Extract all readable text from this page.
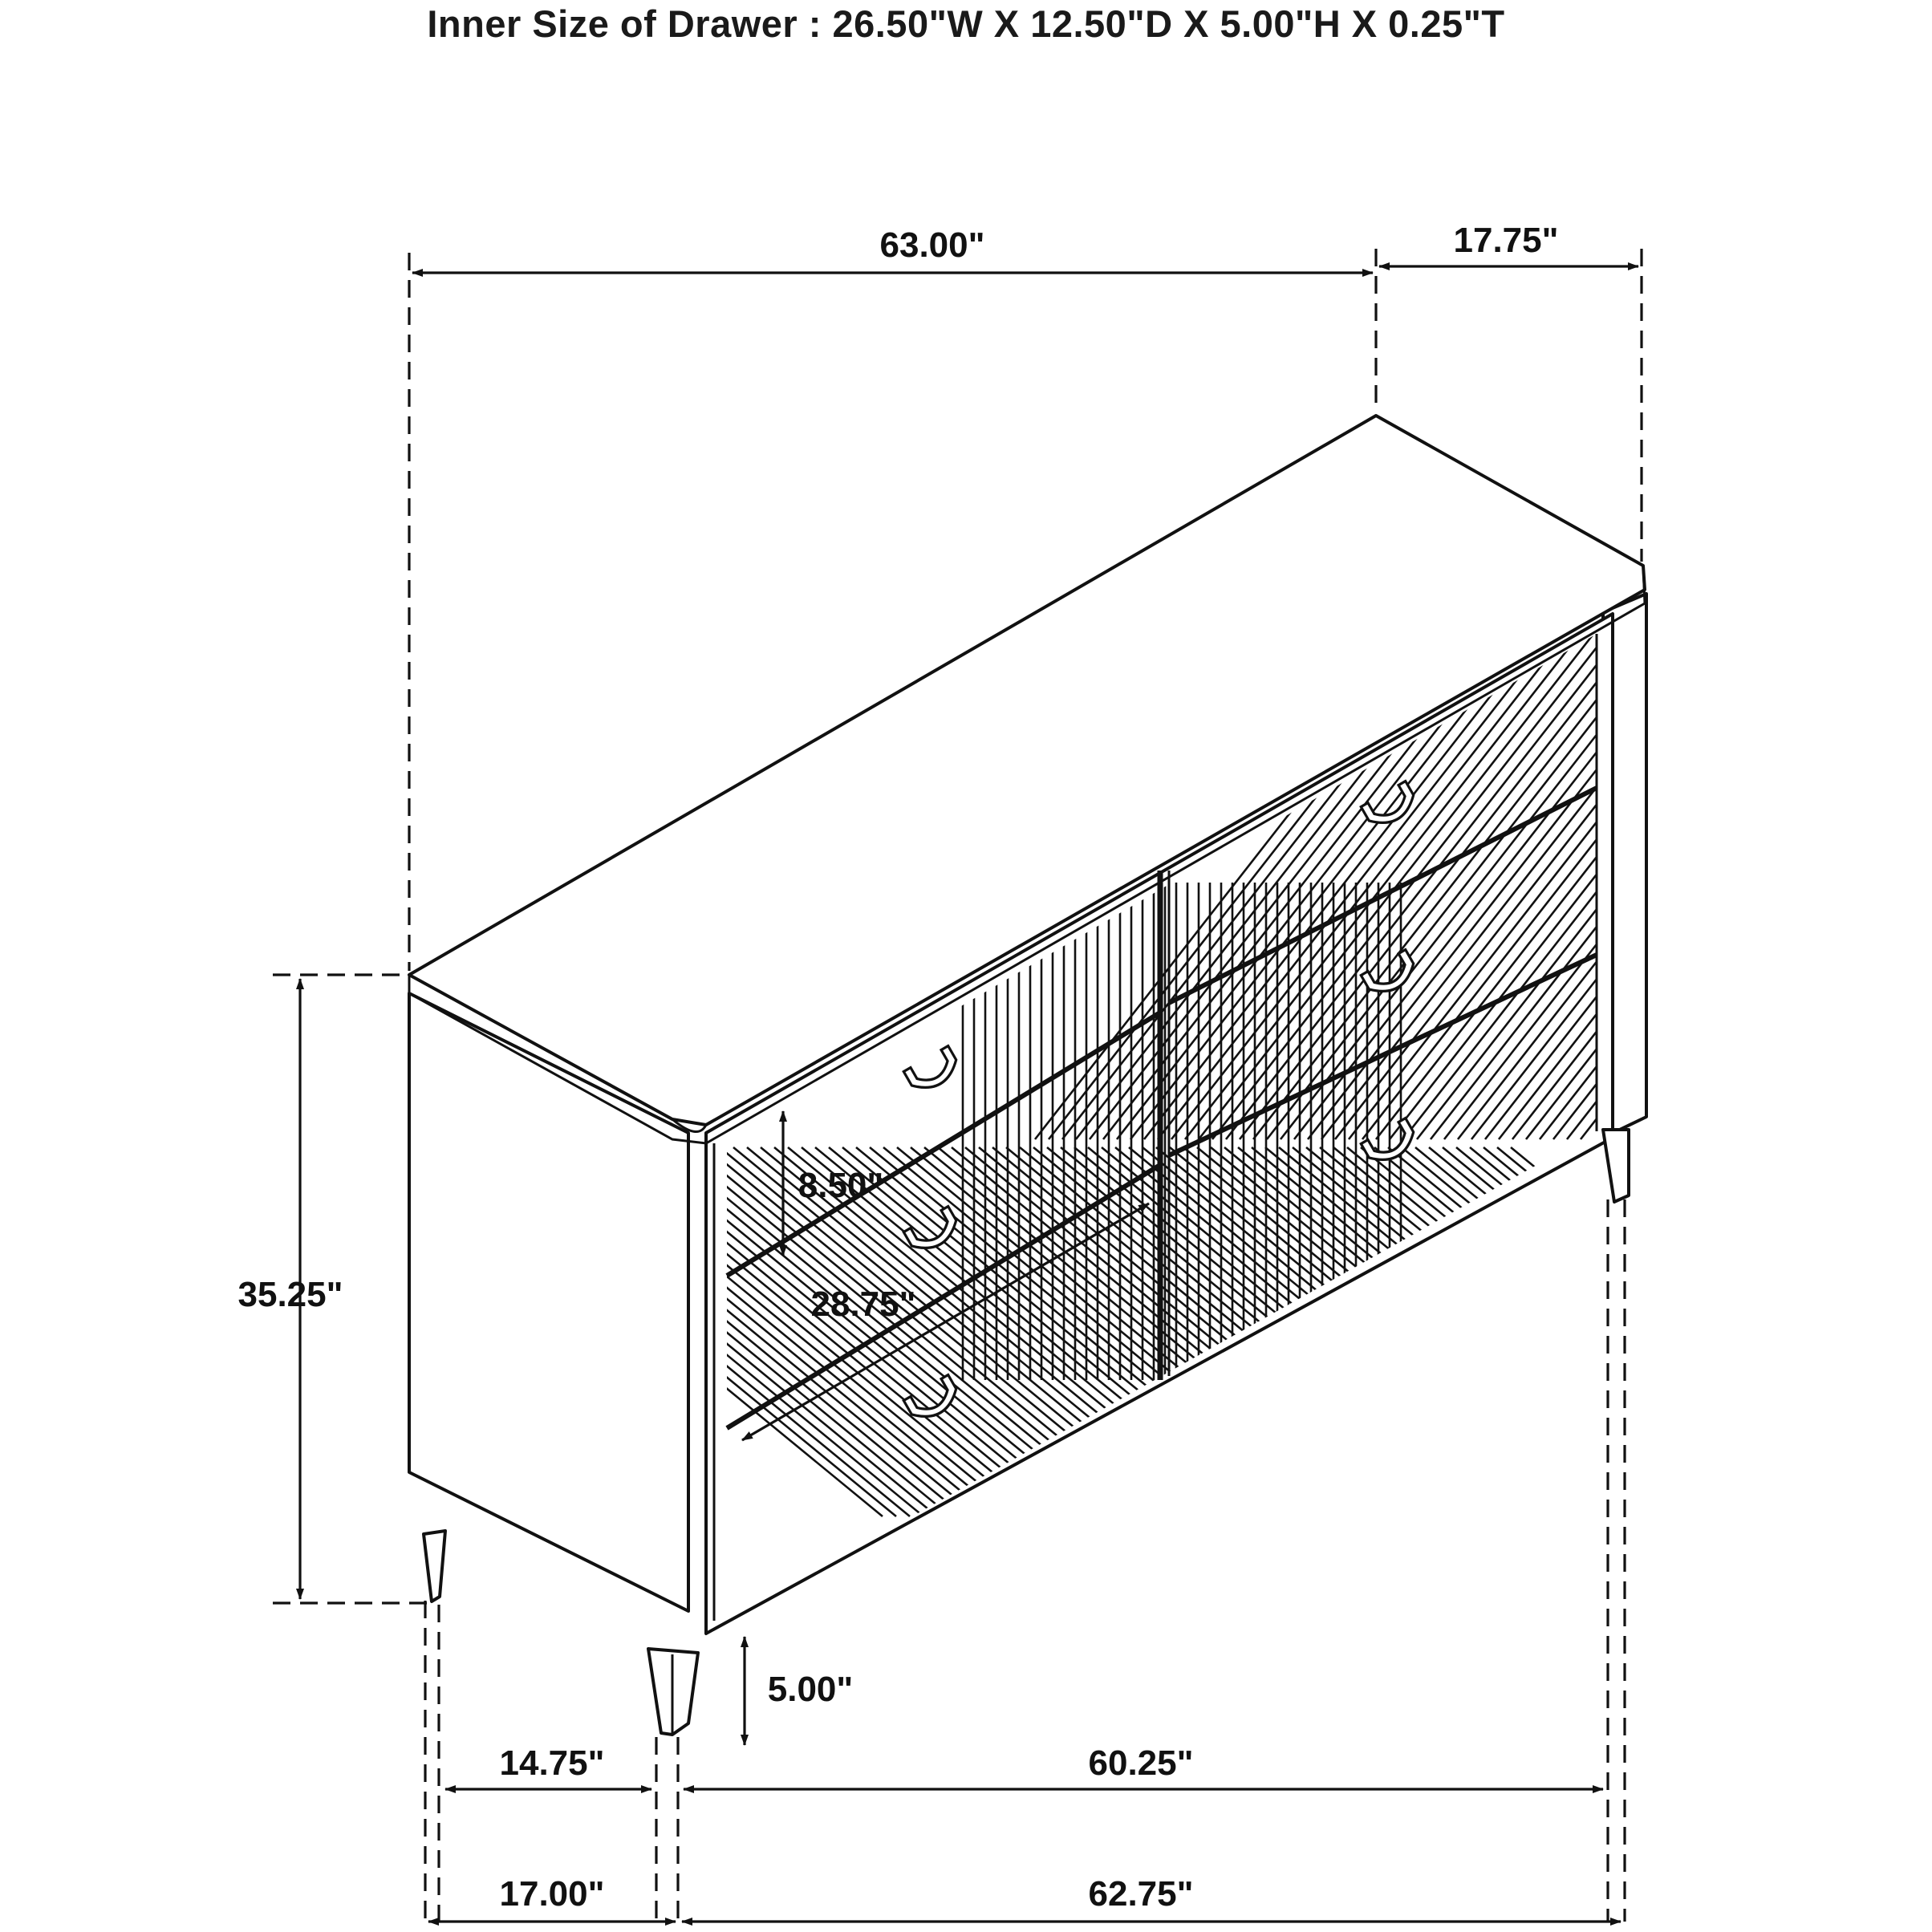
Inner Size of Drawer : 26.50"W X 12.50"D X 5.00"H X 0.25"T
63.00"	17.75"
35.25"
8.50"
28.75"
5.00"
14.75"	60.25"
17.00"	62.75"
